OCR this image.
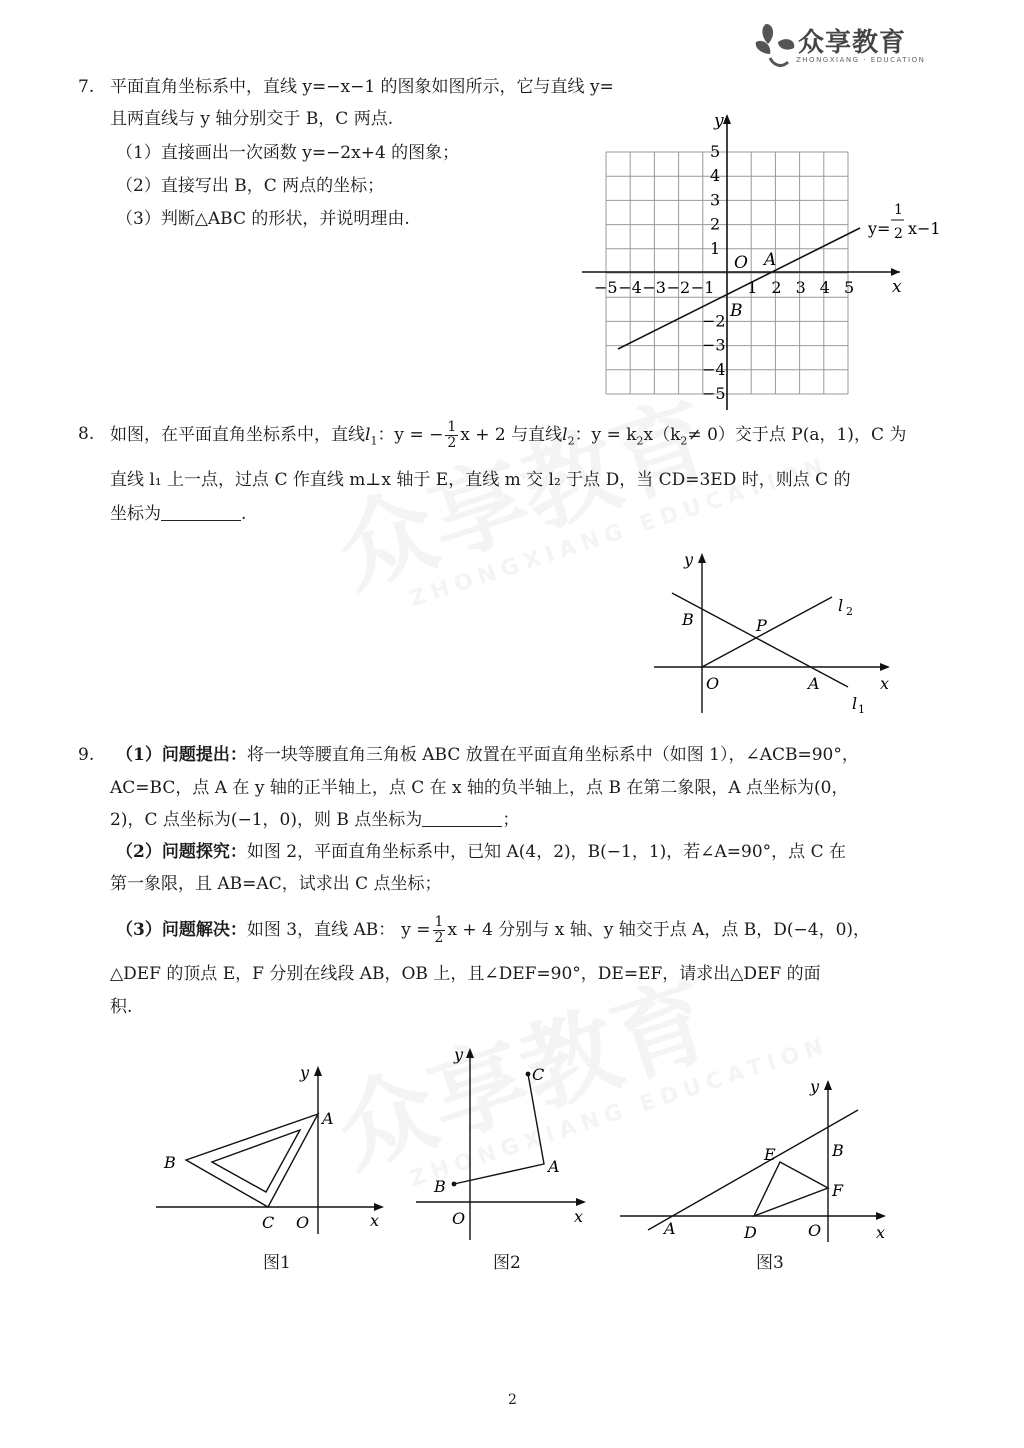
众享教育
ZHONGXIANG · EDUCATION
7. 平面直角坐标系中，直线 y=−x−1 的图象如图所示，它与直线 y=
且两直线与 y 轴分别交于 B，C 两点.
（1）直接画出一次函数 y=−2x+4 的图象；
（2）直接写出 B，C 两点的坐标；
（3）判断△ABC 的形状，并说明理由.
y
x
O A
B
−5 −4 −3 −2 −1 1 2 3 4 5
1
2
3
4
5
−2
−3
−4
−5
y=
1
2 x−1
8. 如图，在平面直角坐标系中，直线$l_1$：y = − $\frac{1}{2}$ x + 2 与直线$l_2$：$y = k_2x(k_2\ne 0)$交于点 P(a，1)，C 为
直线 l₁ 上一点，过点 C 作直线 m⊥x 轴于 E，直线 m 交 l₂ 于点 D，当 CD=3ED 时，则点 C 的
坐标为	.
y
x
O	A
B	P
l 2
l 1
9. （1）问题提出：将一块等腰直角三角板 ABC 放置在平面直角坐标系中（如图 1），∠ACB=90°，
AC=BC，点 A 在 y 轴的正半轴上，点 C 在 x 轴的负半轴上，点 B 在第二象限，A 点坐标为(0，
2)，C 点坐标为(−1，0)，则 B 点坐标为	；
（2）问题探究：如图 2，平面直角坐标系中，已知 A(4，2)，B(−1，1)，若∠A=90°，点 C 在
第一象限，且 AB=AC，试求出 C 点坐标；
（3）问题解决：如图 3，直线 AB： $y = \frac{1}{2}$ x + 4 分别与 x 轴、y 轴交于点 A，点 B，D(−4，0)，
△DEF 的顶点 E，F 分别在线段 AB，OB 上，且∠DEF=90°，DE=EF，请求出△DEF 的面
积.
y
x
A
B
C O
图1
y
x
A
B
C
O
图2
y
x
A
B
D
E
F
O
图3
2
